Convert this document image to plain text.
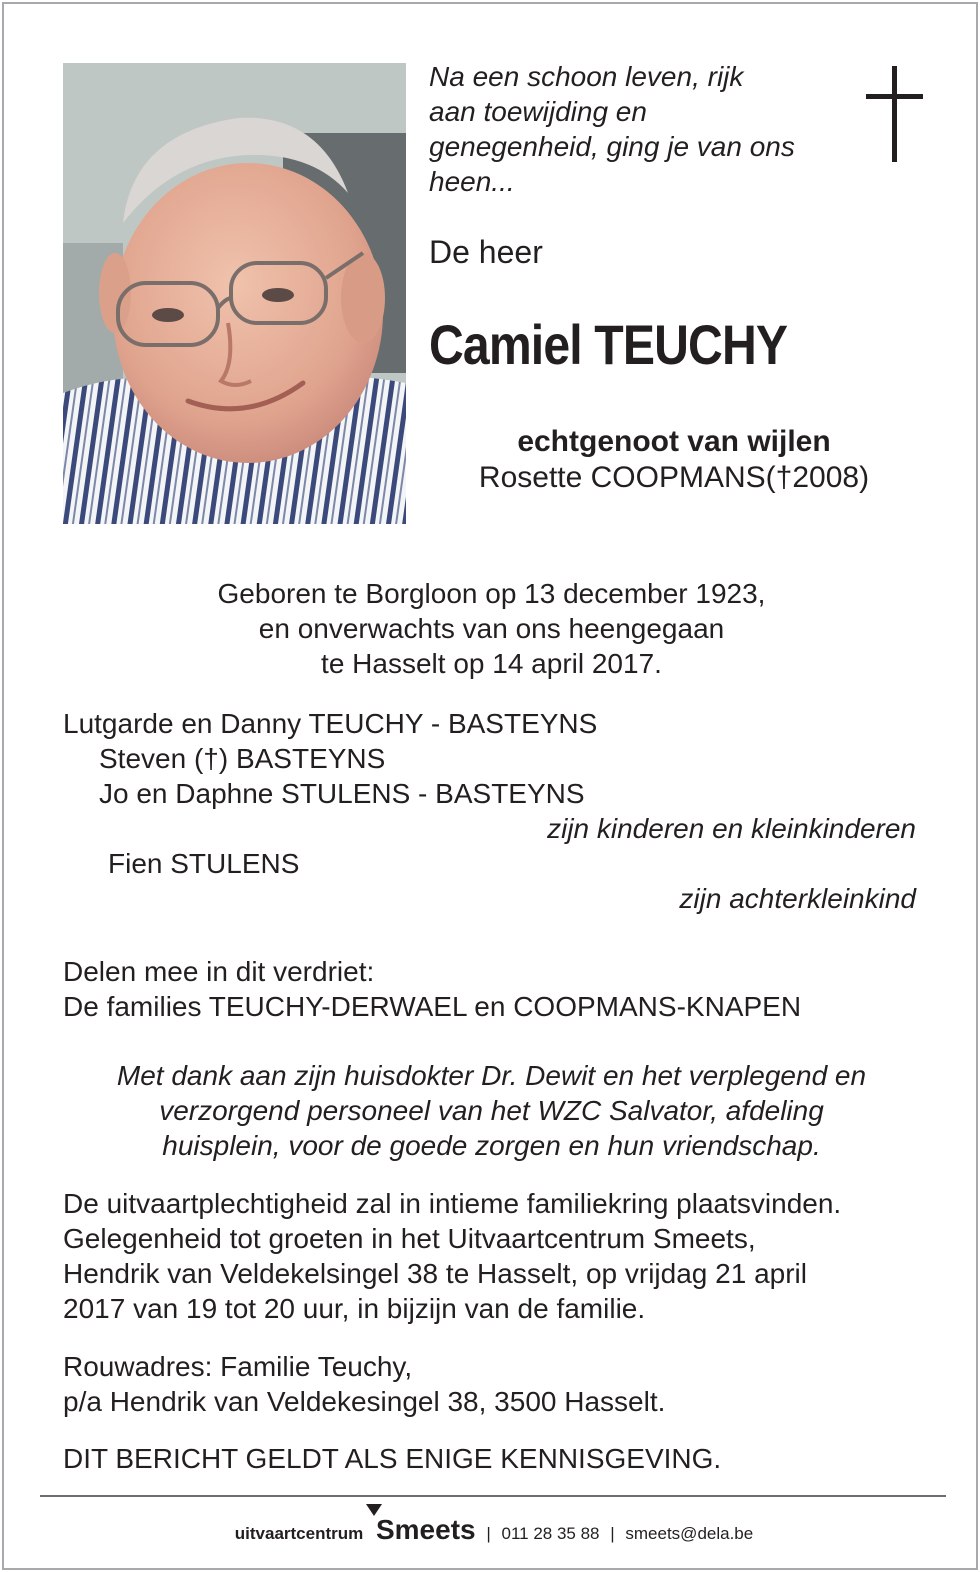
Na een schoon leven, rijk
aan toewijding en
genegenheid, ging je van ons
heen...
De heer
Camiel TEUCHY
echtgenoot van wijlen
Rosette COOPMANS(†2008)
Geboren te Borgloon op 13 december 1923,
en onverwachts van ons heengegaan
te Hasselt op 14 april 2017.
Lutgarde en Danny TEUCHY - BASTEYNS
Steven (†) BASTEYNS
Jo en Daphne STULENS - BASTEYNS
zijn kinderen en kleinkinderen
Fien STULENS
zijn achterkleinkind
Delen mee in dit verdriet:
De families TEUCHY-DERWAEL en COOPMANS-KNAPEN
Met dank aan zijn huisdokter Dr. Dewit en het verplegend en
verzorgend personeel van het WZC Salvator, afdeling
huisplein, voor de goede zorgen en hun vriendschap.
De uitvaartplechtigheid zal in intieme familiekring plaatsvinden.
Gelegenheid tot groeten in het Uitvaartcentrum Smeets,
Hendrik van Veldekelsingel 38 te Hasselt, op vrijdag 21 april
2017 van 19 tot 20 uur, in bijzijn van de familie.
Rouwadres: Familie Teuchy,
p/a Hendrik van Veldekesingel 38, 3500 Hasselt.
DIT BERICHT GELDT ALS ENIGE KENNISGEVING.
uitvaartcentrum Smeets | 011 28 35 88 | smeets@dela.be
